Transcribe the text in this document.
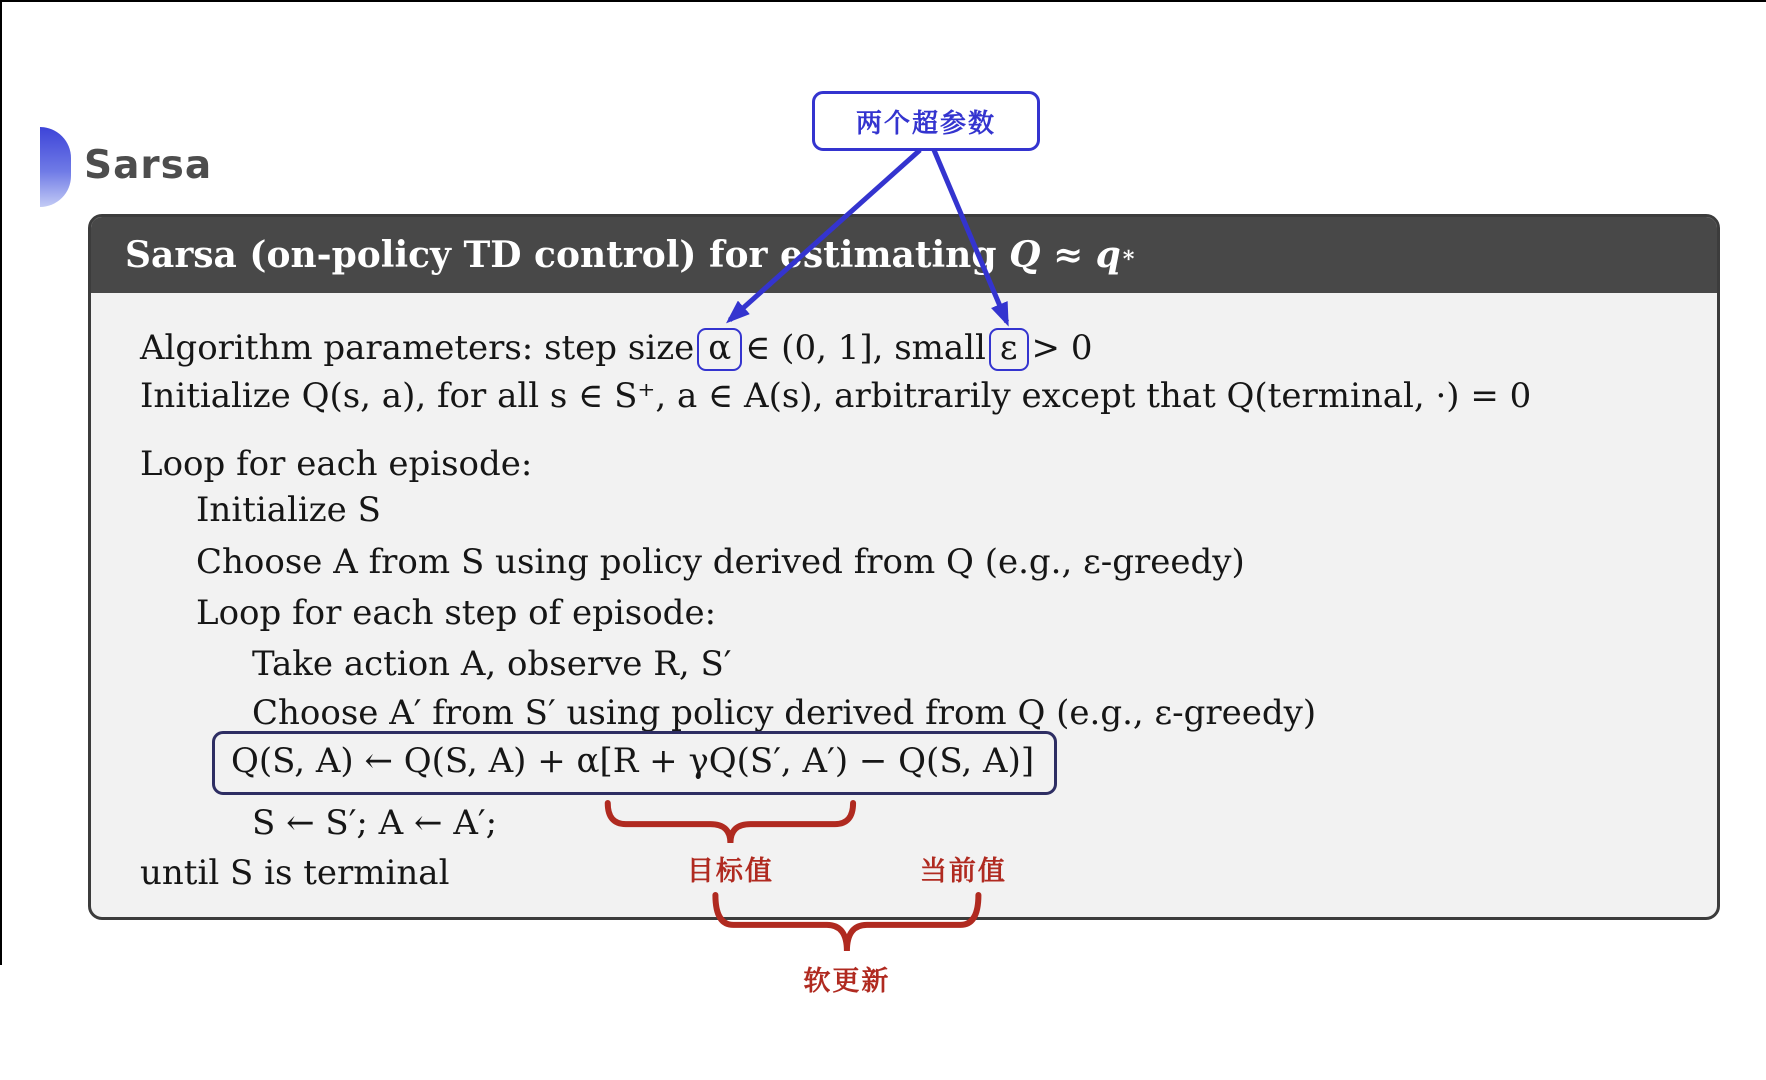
Sarsa
两个超参数
Sarsa (on-policy TD control) for estimating Q ≈ q ∗
Algorithm parameters: step size α ∈ (0, 1], small ε > 0
Initialize Q(s, a), for all s ∈ S⁺, a ∈ A(s), arbitrarily except that Q(terminal, ·) = 0
Loop for each episode:
Initialize S
Choose A from S using policy derived from Q (e.g., ε-greedy)
Loop for each step of episode:
Take action A, observe R, S′
Choose A′ from S′ using policy derived from Q (e.g., ε-greedy)
Q(S, A) ← Q(S, A) + α[R + γQ(S′, A′) − Q(S, A)]
S ← S′; A ← A′;
until S is terminal	目标值	当前值
软更新
